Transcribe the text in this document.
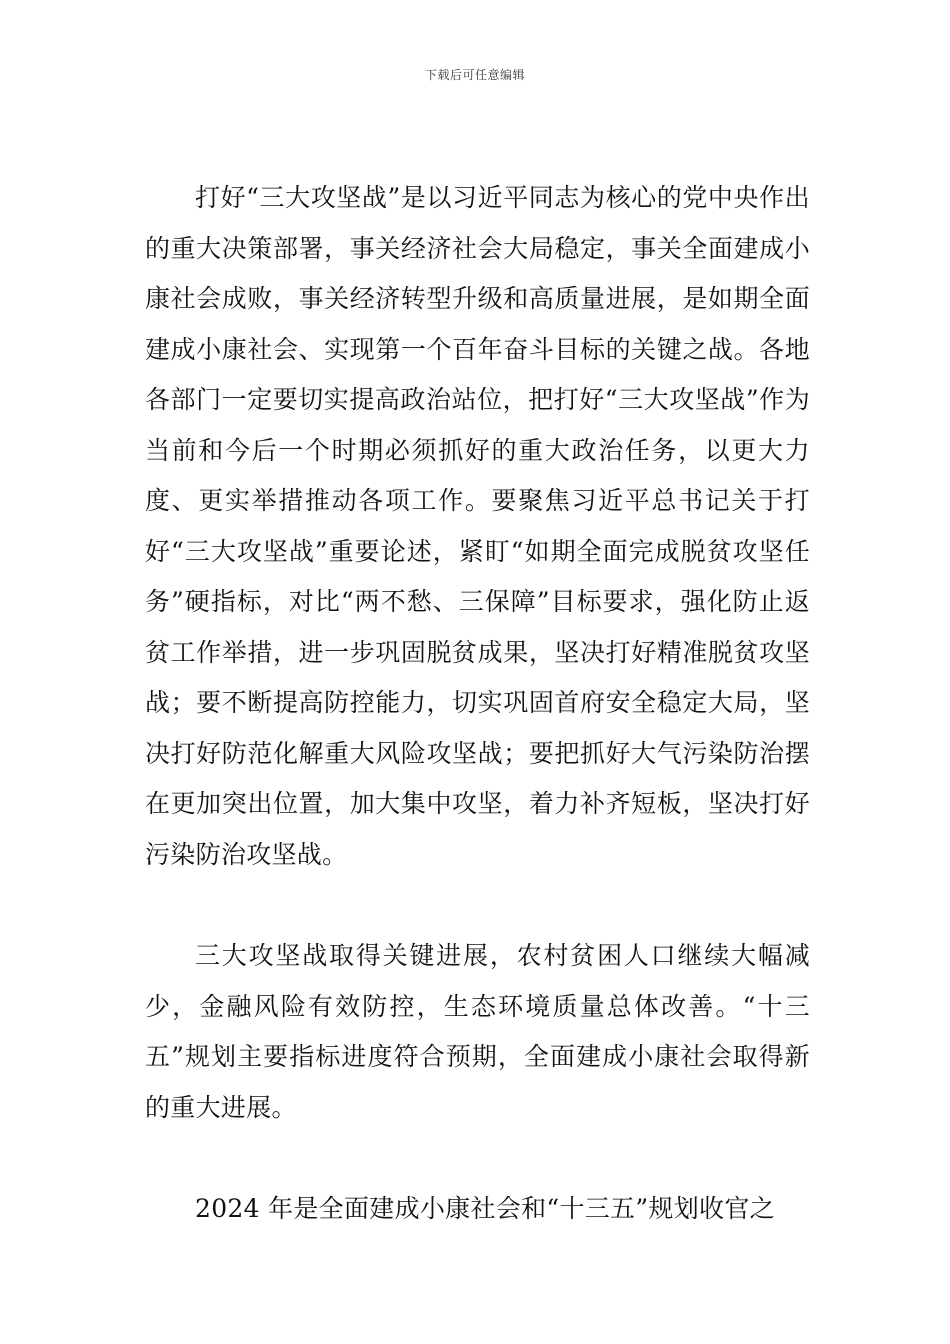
下载后可任意编辑

打好“三大攻坚战”是以习近平同志为核心的党中央作出的重大决策部署，事关经济社会大局稳定，事关全面建成小康社会成败，事关经济转型升级和高质量进展，是如期全面建成小康社会、实现第一个百年奋斗目标的关键之战。各地各部门一定要切实提高政治站位，把打好“三大攻坚战”作为当前和今后一个时期必须抓好的重大政治任务，以更大力度、更实举措推动各项工作。要聚焦习近平总书记关于打好“三大攻坚战”重要论述，紧盯“如期全面完成脱贫攻坚任务”硬指标，对比“两不愁、三保障”目标要求，强化防止返贫工作举措，进一步巩固脱贫成果，坚决打好精准脱贫攻坚战；要不断提高防控能力，切实巩固首府安全稳定大局，坚决打好防范化解重大风险攻坚战；要把抓好大气污染防治摆在更加突出位置，加大集中攻坚，着力补齐短板，坚决打好污染防治攻坚战。

三大攻坚战取得关键进展，农村贫困人口继续大幅减少，金融风险有效防控，生态环境质量总体改善。“十三五”规划主要指标进度符合预期，全面建成小康社会取得新的重大进展。

2024 年是全面建成小康社会和“十三五”规划收官之
